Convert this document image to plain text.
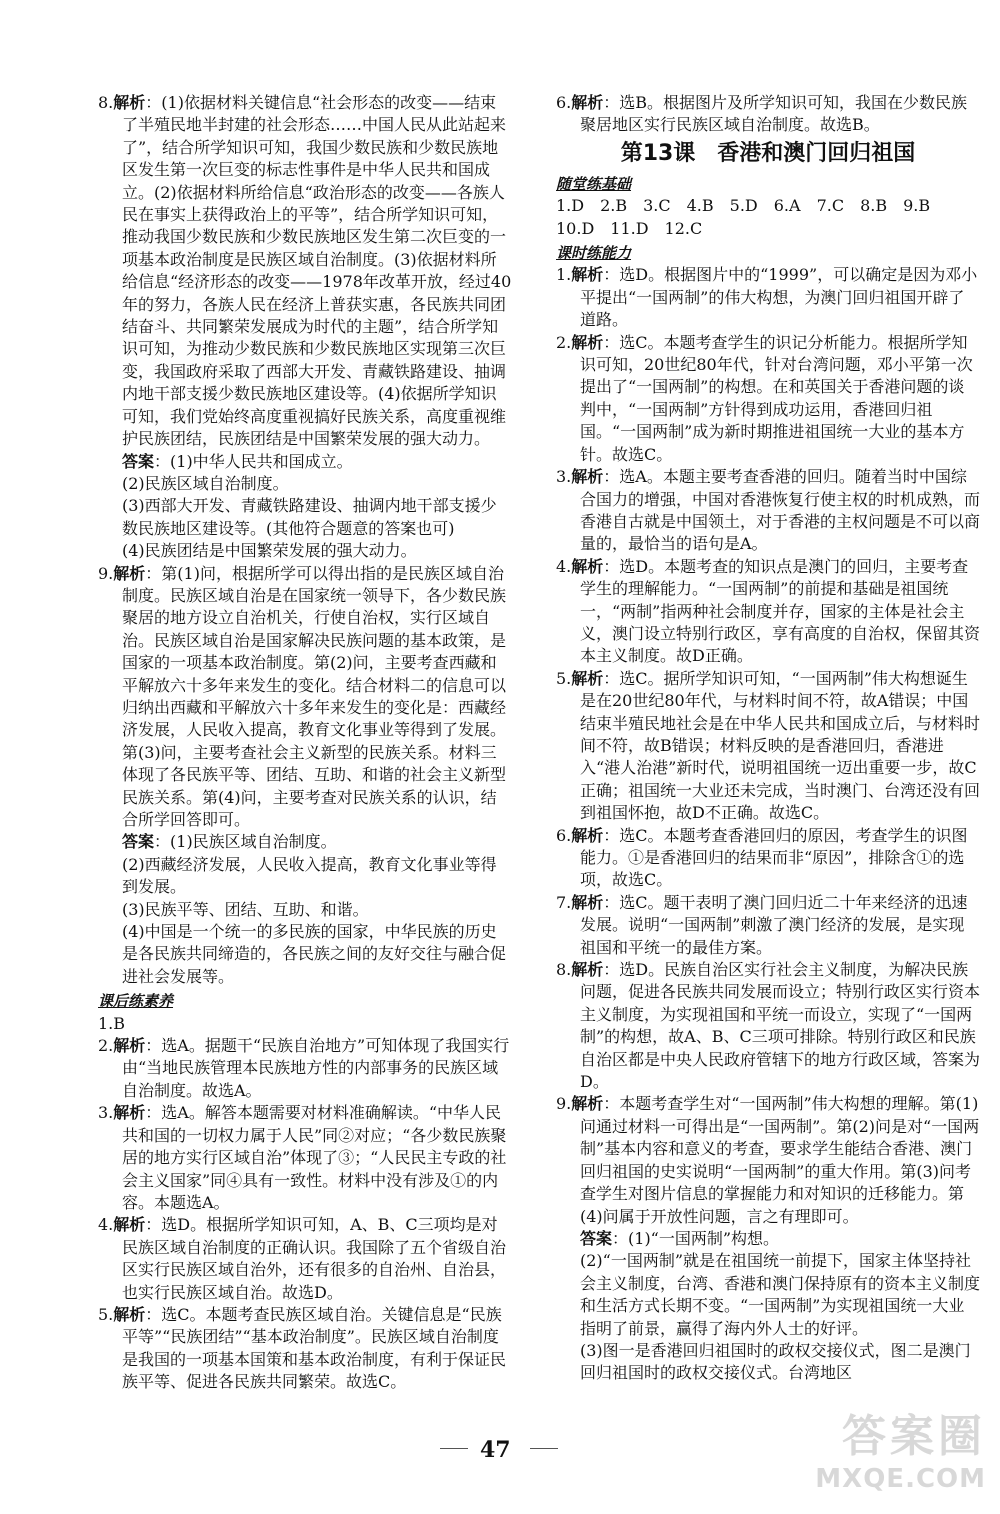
8.解析：(1)依据材料关键信息“社会形态的改变——结束了半殖民地半封建的社会形态……中国人民从此站起来了”，结合所学知识可知，我国少数民族和少数民族地区发生第一次巨变的标志性事件是中华人民共和国成立。(2)依据材料所给信息“政治形态的改变——各族人民在事实上获得政治上的平等”，结合所学知识可知，推动我国少数民族和少数民族地区发生第二次巨变的一项基本政治制度是民族区域自治制度。(3)依据材料所给信息“经济形态的改变——1978年改革开放，经过40年的努力，各族人民在经济上普获实惠，各民族共同团结奋斗、共同繁荣发展成为时代的主题”，结合所学知识可知，为推动少数民族和少数民族地区实现第三次巨变，我国政府采取了西部大开发、青藏铁路建设、抽调内地干部支援少数民族地区建设等。(4)依据所学知识可知，我们党始终高度重视搞好民族关系，高度重视维护民族团结，民族团结是中国繁荣发展的强大动力。

答案：(1)中华人民共和国成立。

(2)民族区域自治制度。

(3)西部大开发、青藏铁路建设、抽调内地干部支援少数民族地区建设等。(其他符合题意的答案也可)

(4)民族团结是中国繁荣发展的强大动力。

9.解析：第(1)问，根据所学可以得出指的是民族区域自治制度。民族区域自治是在国家统一领导下，各少数民族聚居的地方设立自治机关，行使自治权，实行区域自治。民族区域自治是国家解决民族问题的基本政策，是国家的一项基本政治制度。第(2)问，主要考查西藏和平解放六十多年来发生的变化。结合材料二的信息可以归纳出西藏和平解放六十多年来发生的变化是：西藏经济发展，人民收入提高，教育文化事业等得到了发展。第(3)问，主要考查社会主义新型的民族关系。材料三体现了各民族平等、团结、互助、和谐的社会主义新型民族关系。第(4)问，主要考查对民族关系的认识，结合所学回答即可。

答案：(1)民族区域自治制度。

(2)西藏经济发展，人民收入提高，教育文化事业等得到发展。

(3)民族平等、团结、互助、和谐。

(4)中国是一个统一的多民族的国家，中华民族的历史是各民族共同缔造的，各民族之间的友好交往与融合促进社会发展等。

课后练素养

1.B

2.解析：选A。据题干“民族自治地方”可知体现了我国实行由“当地民族管理本民族地方性的内部事务的民族区域自治制度。故选A。

3.解析：选A。解答本题需要对材料准确解读。“中华人民共和国的一切权力属于人民”同②对应；“各少数民族聚居的地方实行区域自治”体现了③；“人民民主专政的社会主义国家”同④具有一致性。材料中没有涉及①的内容。本题选A。

4.解析：选D。根据所学知识可知，A、B、C三项均是对民族区域自治制度的正确认识。我国除了五个省级自治区实行民族区域自治外，还有很多的自治州、自治县，也实行民族区域自治。故选D。

5.解析：选C。本题考查民族区域自治。关键信息是“民族平等”“民族团结”“基本政治制度”。民族区域自治制度是我国的一项基本国策和基本政治制度，有利于保证民族平等、促进各民族共同繁荣。故选C。

6.解析：选B。根据图片及所学知识可知，我国在少数民族聚居地区实行民族区域自治制度。故选B。

第13课　香港和澳门回归祖国

随堂练基础

1.D　2.B　3.C　4.B　5.D　6.A　7.C　8.B　9.B

10.D　11.D　12.C

课时练能力

1.解析：选D。根据图片中的“1999”，可以确定是因为邓小平提出“一国两制”的伟大构想，为澳门回归祖国开辟了道路。

2.解析：选C。本题考查学生的识记分析能力。根据所学知识可知，20世纪80年代，针对台湾问题，邓小平第一次提出了“一国两制”的构想。在和英国关于香港问题的谈判中，“一国两制”方针得到成功运用，香港回归祖国。“一国两制”成为新时期推进祖国统一大业的基本方针。故选C。

3.解析：选A。本题主要考查香港的回归。随着当时中国综合国力的增强，中国对香港恢复行使主权的时机成熟，而香港自古就是中国领土，对于香港的主权问题是不可以商量的，最恰当的语句是A。

4.解析：选D。本题考查的知识点是澳门的回归，主要考查学生的理解能力。“一国两制”的前提和基础是祖国统一，“两制”指两种社会制度并存，国家的主体是社会主义，澳门设立特别行政区，享有高度的自治权，保留其资本主义制度。故D正确。

5.解析：选C。据所学知识可知，“一国两制”伟大构想诞生是在20世纪80年代，与材料时间不符，故A错误；中国结束半殖民地社会是在中华人民共和国成立后，与材料时间不符，故B错误；材料反映的是香港回归，香港进入“港人治港”新时代，说明祖国统一迈出重要一步，故C正确；祖国统一大业还未完成，当时澳门、台湾还没有回到祖国怀抱，故D不正确。故选C。

6.解析：选C。本题考查香港回归的原因，考查学生的识图能力。①是香港回归的结果而非“原因”，排除含①的选项，故选C。

7.解析：选C。题干表明了澳门回归近二十年来经济的迅速发展。说明“一国两制”刺激了澳门经济的发展，是实现祖国和平统一的最佳方案。

8.解析：选D。民族自治区实行社会主义制度，为解决民族问题，促进各民族共同发展而设立；特别行政区实行资本主义制度，为实现祖国和平统一而设立，实现了“一国两制”的构想，故A、B、C三项可排除。特别行政区和民族自治区都是中央人民政府管辖下的地方行政区域，答案为D。

9.解析：本题考查学生对“一国两制”伟大构想的理解。第(1)问通过材料一可得出是“一国两制”。第(2)问是对“一国两制”基本内容和意义的考查，要求学生能结合香港、澳门回归祖国的史实说明“一国两制”的重大作用。第(3)问考查学生对图片信息的掌握能力和对知识的迁移能力。第(4)问属于开放性问题，言之有理即可。

答案：(1)“一国两制”构想。

(2)“一国两制”就是在祖国统一前提下，国家主体坚持社会主义制度，台湾、香港和澳门保持原有的资本主义制度和生活方式长期不变。“一国两制”为实现祖国统一大业指明了前景，赢得了海内外人士的好评。

(3)图一是香港回归祖国时的政权交接仪式，图二是澳门回归祖国时的政权交接仪式。台湾地区

47	答案圈
MXQE.COM
